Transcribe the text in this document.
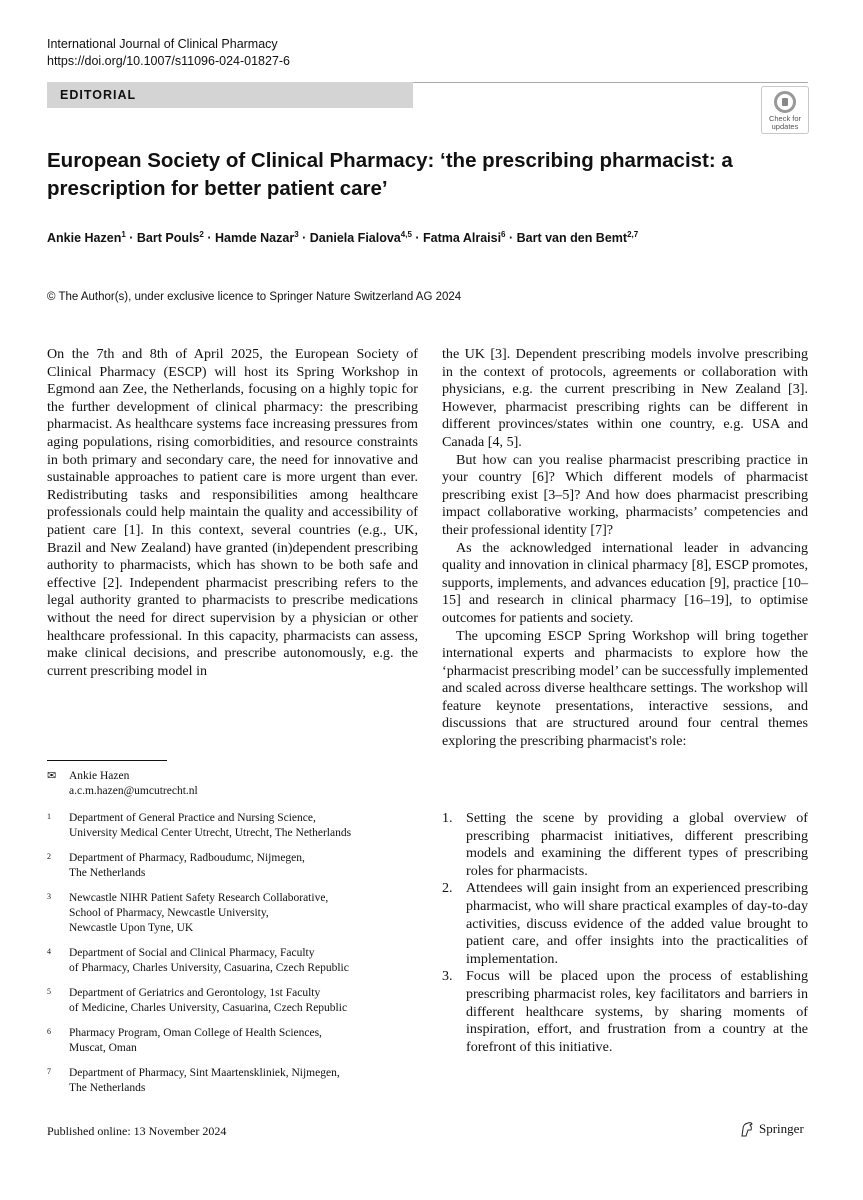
International Journal of Clinical Pharmacy
https://doi.org/10.1007/s11096-024-01827-6
EDITORIAL
Check for
updates
European Society of Clinical Pharmacy: ‘the prescribing pharmacist: a prescription for better patient care’
Ankie Hazen$^1$ · Bart Pouls$^2$ · Hamde Nazar$^3$ · Daniela Fialova$^{4,5}$ · Fatma Alraisi$^6$ · Bart van den Bemt$^{2,7}$
© The Author(s), under exclusive licence to Springer Nature Switzerland AG 2024

On the 7th and 8th of April 2025, the European Society of Clinical Pharmacy (ESCP) will host its Spring Workshop in Egmond aan Zee, the Netherlands, focusing on a highly topic for the further development of clinical pharmacy: the prescribing pharmacist. As healthcare systems face increasing pressures from aging populations, rising comorbidities, and resource constraints in both primary and secondary care, the need for innovative and sustainable approaches to patient care is more urgent than ever. Redistributing tasks and responsibilities among healthcare professionals could help maintain the quality and accessibility of patient care [1]. In this context, several countries (e.g., UK, Brazil and New Zealand) have granted (in)dependent prescribing authority to pharmacists, which has shown to be both safe and effective [2]. Independent pharmacist prescribing refers to the legal authority granted to pharmacists to prescribe medications without the need for direct supervision by a physician or other healthcare professional. In this capacity, pharmacists can assess, make clinical decisions, and prescribe autonomously, e.g. the current prescribing model in

the UK [3]. Dependent prescribing models involve prescribing in the context of protocols, agreements or collaboration with physicians, e.g. the current prescribing in New Zealand [3]. However, pharmacist prescribing rights can be different in different provinces/states within one country, e.g. USA and Canada [4, 5].

But how can you realise pharmacist prescribing practice in your country [6]? Which different models of pharmacist prescribing exist [3–5]? And how does pharmacist prescribing impact collaborative working, pharmacists’ competencies and their professional identity [7]?

As the acknowledged international leader in advancing quality and innovation in clinical pharmacy [8], ESCP promotes, supports, implements, and advances education [9], practice [10–15] and research in clinical pharmacy [16–19], to optimise outcomes for patients and society.

The upcoming ESCP Spring Workshop will bring together international experts and pharmacists to explore how the ‘pharmacist prescribing model’ can be successfully implemented and scaled across diverse healthcare settings. The workshop will feature keynote presentations, interactive sessions, and discussions that are structured around four central themes exploring the prescribing pharmacist's role:

✉ Ankie Hazen
a.c.m.hazen@umcutrecht.nl
1	Department of General Practice and Nursing Science,
University Medical Center Utrecht, Utrecht, The Netherlands
2	Department of Pharmacy, Radboudumc, Nijmegen,
The Netherlands
3	Newcastle NIHR Patient Safety Research Collaborative,
School of Pharmacy, Newcastle University,
Newcastle Upon Tyne, UK
4	Department of Social and Clinical Pharmacy, Faculty
of Pharmacy, Charles University, Casuarina, Czech Republic
5	Department of Geriatrics and Gerontology, 1st Faculty
of Medicine, Charles University, Casuarina, Czech Republic
6	Pharmacy Program, Oman College of Health Sciences,
Muscat, Oman
7	Department of Pharmacy, Sint Maartenskliniek, Nijmegen,
The Netherlands
1. Setting the scene by providing a global overview of prescribing pharmacist initiatives, different prescribing models and examining the different types of prescribing roles for pharmacists.
2. Attendees will gain insight from an experienced prescribing pharmacist, who will share practical examples of day-to-day activities, discuss evidence of the added value brought to patient care, and offer insights into the practicalities of implementation.
3. Focus will be placed upon the process of establishing prescribing pharmacist roles, key facilitators and barriers in different healthcare systems, by sharing moments of inspiration, effort, and frustration from a country at the forefront of this initiative.
Published online: 13 November 2024	Springer
